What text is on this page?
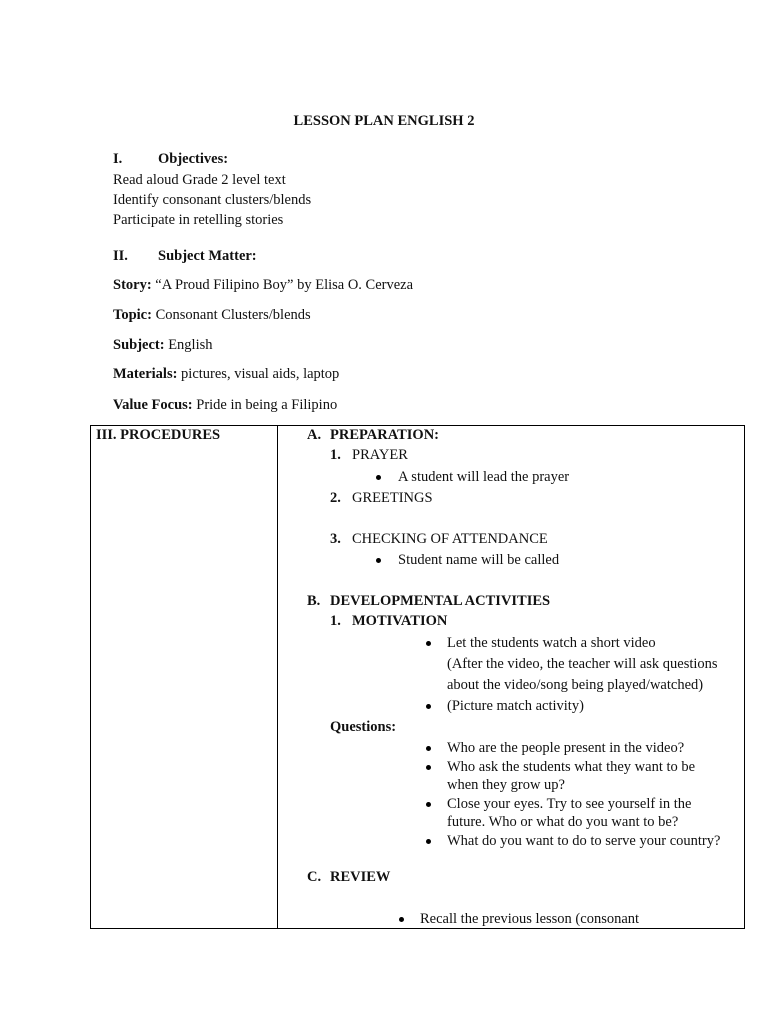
LESSON PLAN ENGLISH 2
I. Objectives:
Read aloud Grade 2 level text
Identify consonant clusters/blends
Participate in retelling stories
II. Subject Matter:
Story: “A Proud Filipino Boy” by Elisa O. Cerveza
Topic: Consonant Clusters/blends
Subject: English
Materials: pictures, visual aids, laptop
Value Focus: Pride in being a Filipino
III. PROCEDURES	A. PREPARATION:
1. PRAYER
A student will lead the prayer
2. GREETINGS
3. CHECKING OF ATTENDANCE
Student name will be called
B. DEVELOPMENTAL ACTIVITIES
1. MOTIVATION
Let the students watch a short video
(After the video, the teacher will ask questions
about the video/song being played/watched)
(Picture match activity)
Questions:
Who are the people present in the video?
Who ask the students what they want to be
when they grow up?
Close your eyes. Try to see yourself in the
future. Who or what do you want to be?
What do you want to do to serve your country?
C. REVIEW
Recall the previous lesson (consonant
